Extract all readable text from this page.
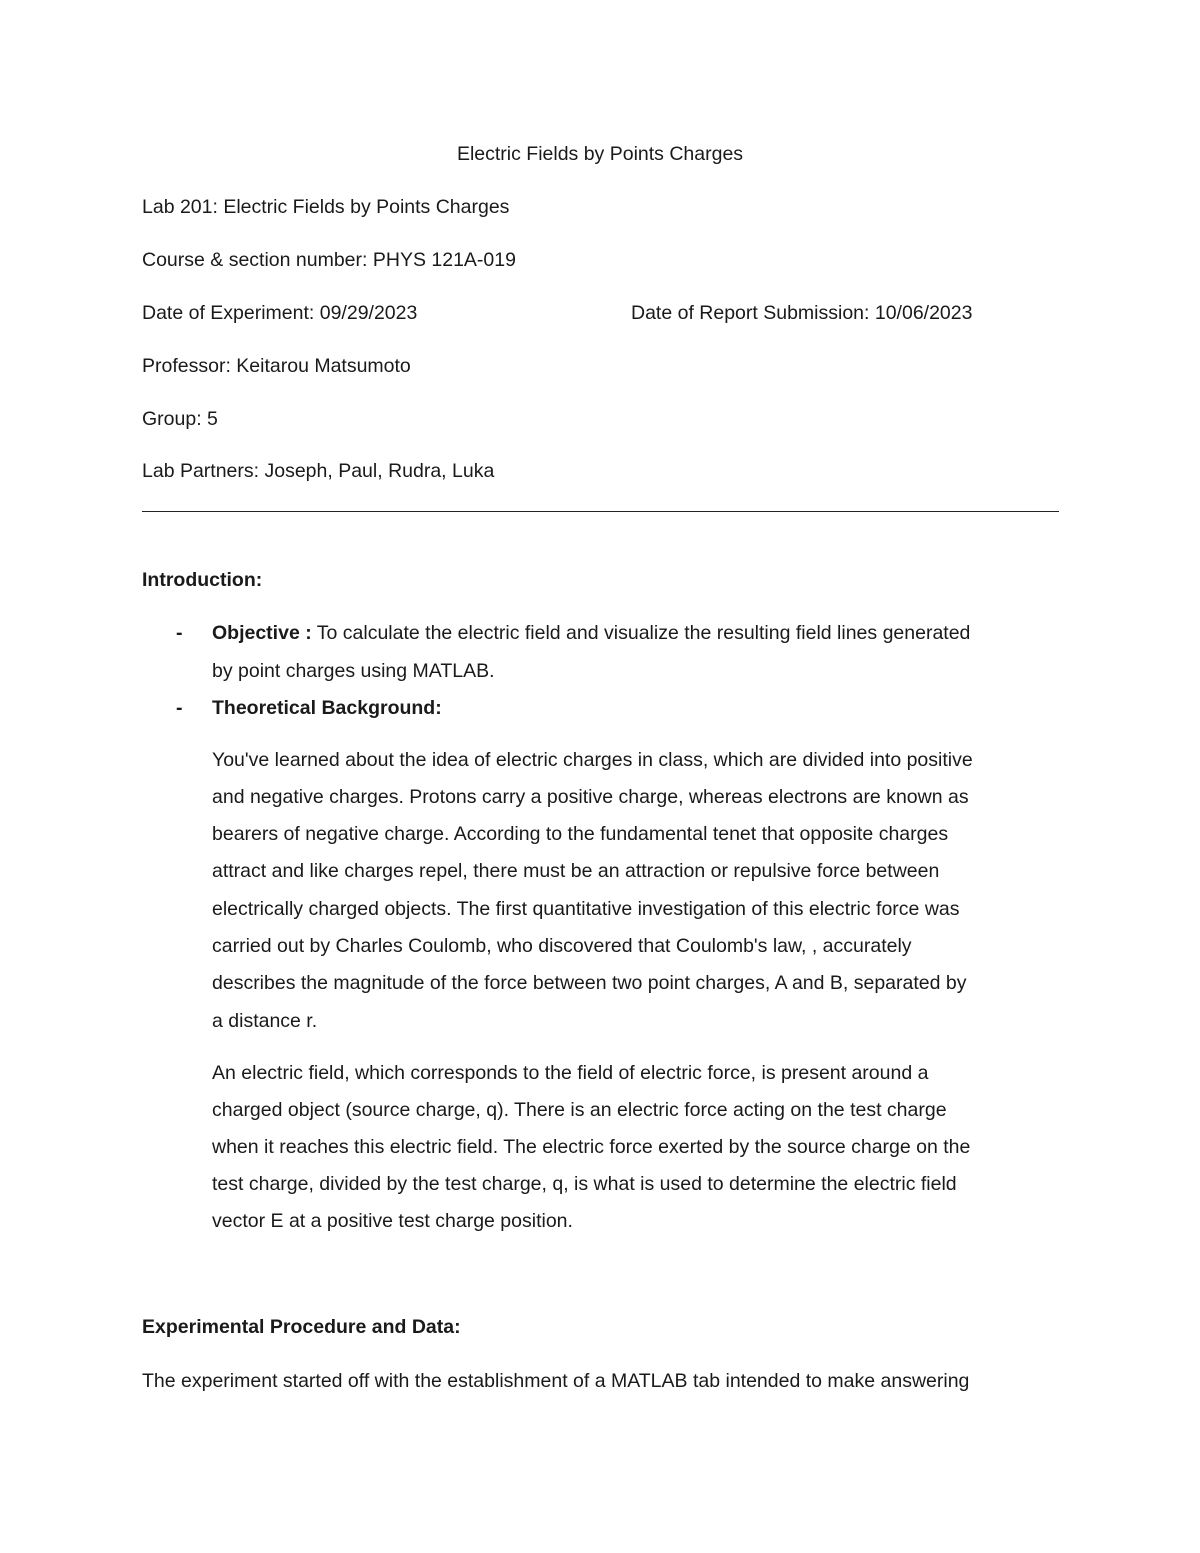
Electric Fields by Points Charges
Lab 201: Electric Fields by Points Charges
Course & section number: PHYS 121A-019
Date of Experiment: 09/29/2023	Date of Report Submission: 10/06/2023
Professor: Keitarou Matsumoto
Group: 5
Lab Partners: Joseph, Paul, Rudra, Luka
Introduction:
- Objective : To calculate the electric field and visualize the resulting field lines generated
by point charges using MATLAB.
- Theoretical Background:
You've learned about the idea of electric charges in class, which are divided into positive
and negative charges. Protons carry a positive charge, whereas electrons are known as
bearers of negative charge. According to the fundamental tenet that opposite charges
attract and like charges repel, there must be an attraction or repulsive force between
electrically charged objects. The first quantitative investigation of this electric force was
carried out by Charles Coulomb, who discovered that Coulomb's law, , accurately
describes the magnitude of the force between two point charges, A and B, separated by
a distance r.
An electric field, which corresponds to the field of electric force, is present around a
charged object (source charge, q). There is an electric force acting on the test charge
when it reaches this electric field. The electric force exerted by the source charge on the
test charge, divided by the test charge, q, is what is used to determine the electric field
vector E at a positive test charge position.
Experimental Procedure and Data:
The experiment started off with the establishment of a MATLAB tab intended to make answering
